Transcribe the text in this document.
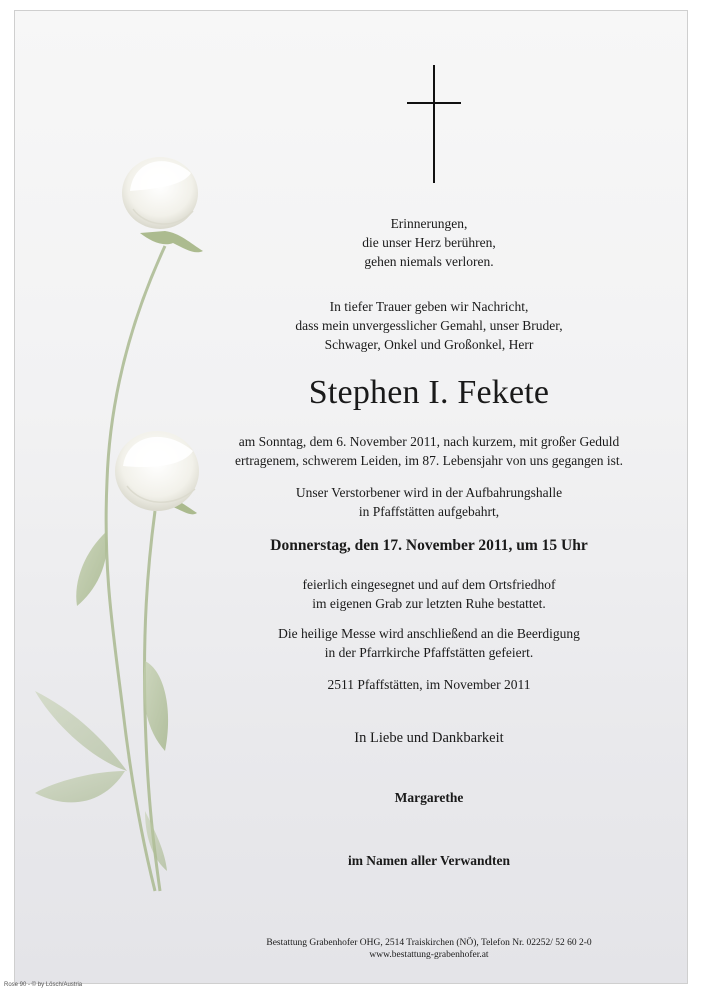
Erinnerungen,
die unser Herz berühren,
gehen niemals verloren.

In tiefer Trauer geben wir Nachricht,
dass mein unvergesslicher Gemahl, unser Bruder,
Schwager, Onkel und Großonkel, Herr

Stephen I. Fekete

am Sonntag, dem 6. November 2011, nach kurzem, mit großer Geduld
ertragenem, schwerem Leiden, im 87. Lebensjahr von uns gegangen ist.

Unser Verstorbener wird in der Aufbahrungshalle
in Pfaffstätten aufgebahrt,

Donnerstag, den 17. November 2011, um 15 Uhr

feierlich eingesegnet und auf dem Ortsfriedhof
im eigenen Grab zur letzten Ruhe bestattet.

Die heilige Messe wird anschließend an die Beerdigung
in der Pfarrkirche Pfaffstätten gefeiert.

2511 Pfaffstätten, im November 2011

In Liebe und Dankbarkeit

Margarethe

im Namen aller Verwandten

Bestattung Grabenhofer OHG, 2514 Traiskirchen (NÖ), Telefon Nr. 02252/ 52 60 2-0
www.bestattung-grabenhofer.at
Rose 90 - © by Lösch/Austria
